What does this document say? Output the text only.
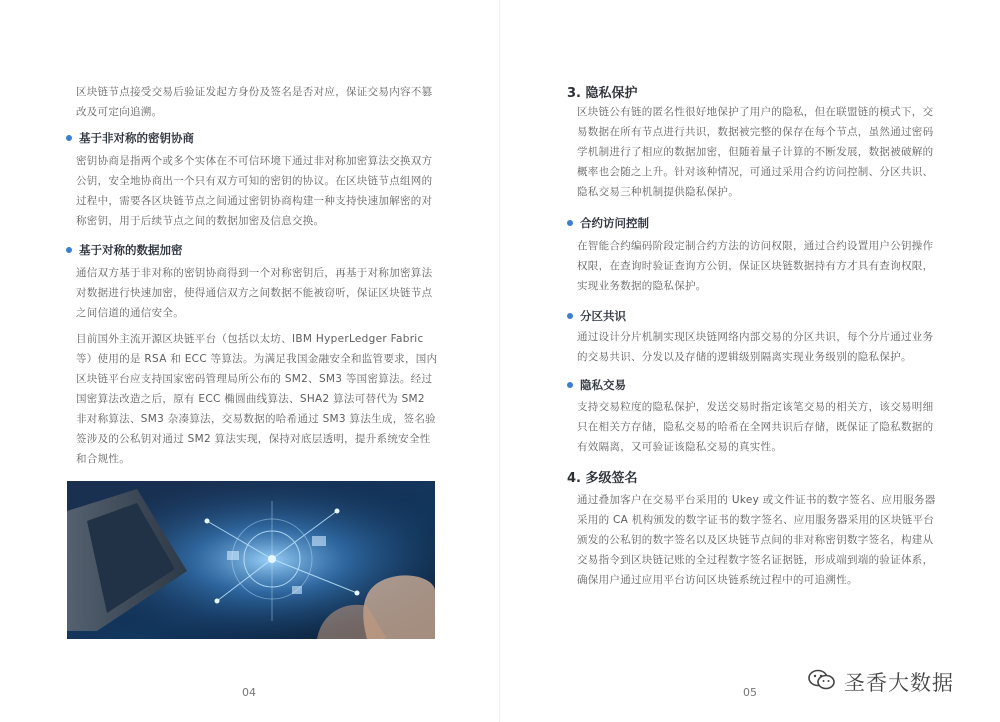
区块链节点接受交易后验证发起方身份及签名是否对应，保证交易内容不篡改及可定向追溯。

基于非对称的密钥协商

密钥协商是指两个或多个实体在不可信环境下通过非对称加密算法交换双方公钥，安全地协商出一个只有双方可知的密钥的协议。在区块链节点组网的过程中，需要各区块链节点之间通过密钥协商构建一种支持快速加解密的对称密钥，用于后续节点之间的数据加密及信息交换。

基于对称的数据加密

通信双方基于非对称的密钥协商得到一个对称密钥后，再基于对称加密算法对数据进行快速加密，使得通信双方之间数据不能被窃听，保证区块链节点之间信道的通信安全。

目前国外主流开源区块链平台（包括以太坊、IBM HyperLedger Fabric 等）使用的是 RSA 和 ECC 等算法。为满足我国金融安全和监管要求，国内区块链平台应支持国家密码管理局所公布的 SM2、SM3 等国密算法。经过国密算法改造之后，原有 ECC 椭圆曲线算法、SHA2 算法可替代为 SM2 非对称算法、SM3 杂凑算法，交易数据的哈希通过 SM3 算法生成，签名验签涉及的公私钥对通过 SM2 算法实现，保持对底层透明，提升系统安全性和合规性。

04
3. 隐私保护

区块链公有链的匿名性很好地保护了用户的隐私，但在联盟链的模式下，交易数据在所有节点进行共识，数据被完整的保存在每个节点，虽然通过密码学机制进行了相应的数据加密，但随着量子计算的不断发展，数据被破解的概率也会随之上升。针对该种情况，可通过采用合约访问控制、分区共识、隐私交易三种机制提供隐私保护。

合约访问控制

在智能合约编码阶段定制合约方法的访问权限，通过合约设置用户公钥操作权限，在查询时验证查询方公钥，保证区块链数据持有方才具有查询权限，实现业务数据的隐私保护。

分区共识

通过设计分片机制实现区块链网络内部交易的分区共识，每个分片通过业务的交易共识、分发以及存储的逻辑级别隔离实现业务级别的隐私保护。

隐私交易

支持交易粒度的隐私保护，发送交易时指定该笔交易的相关方，该交易明细只在相关方存储，隐私交易的哈希在全网共识后存储，既保证了隐私数据的有效隔离，又可验证该隐私交易的真实性。

4. 多级签名

通过叠加客户在交易平台采用的 Ukey 或文件证书的数字签名、应用服务器采用的 CA 机构颁发的数字证书的数字签名、应用服务器采用的区块链平台颁发的公私钥的数字签名以及区块链节点间的非对称密钥数字签名，构建从交易指令到区块链记账的全过程数字签名证据链，形成端到端的验证体系，确保用户通过应用平台访问区块链系统过程中的可追溯性。

05	圣香大数据
